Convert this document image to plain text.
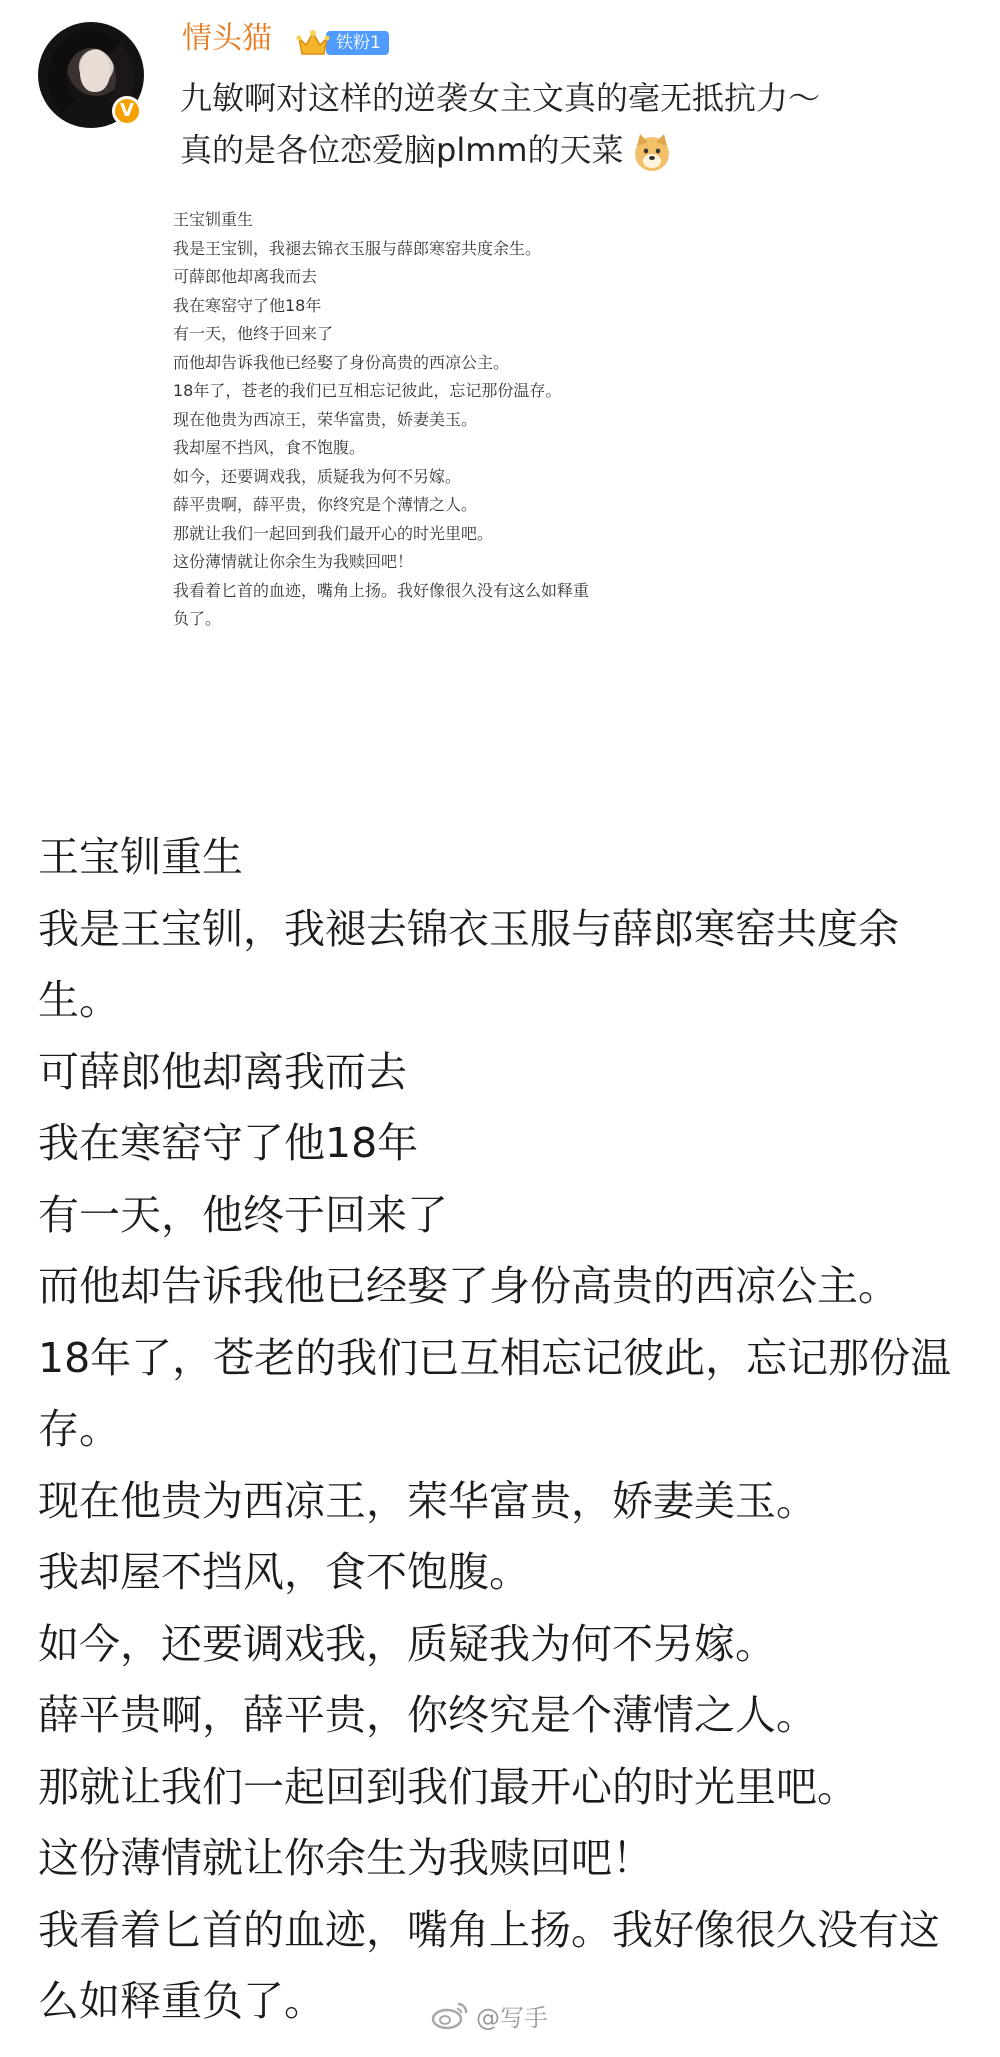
V
情头猫	铁粉1
九敏啊对这样的逆袭女主文真的毫无抵抗力～
真的是各位恋爱脑plmm的天菜

王宝钏重生

我是王宝钏，我褪去锦衣玉服与薛郎寒窑共度余生。

可薛郎他却离我而去

我在寒窑守了他18年

有一天，他终于回来了

而他却告诉我他已经娶了身份高贵的西凉公主。

18年了，苍老的我们已互相忘记彼此，忘记那份温存。

现在他贵为西凉王，荣华富贵，娇妻美玉。

我却屋不挡风，食不饱腹。

如今，还要调戏我，质疑我为何不另嫁。

薛平贵啊，薛平贵，你终究是个薄情之人。

那就让我们一起回到我们最开心的时光里吧。

这份薄情就让你余生为我赎回吧！

我看着匕首的血迹，嘴角上扬。我好像很久没有这么如释重负了。

王宝钏重生

我是王宝钏，我褪去锦衣玉服与薛郎寒窑共度余生。

可薛郎他却离我而去

我在寒窑守了他18年

有一天，他终于回来了

而他却告诉我他已经娶了身份高贵的西凉公主。

18年了，苍老的我们已互相忘记彼此，忘记那份温存。

现在他贵为西凉王，荣华富贵，娇妻美玉。

我却屋不挡风，食不饱腹。

如今，还要调戏我，质疑我为何不另嫁。

薛平贵啊，薛平贵，你终究是个薄情之人。

那就让我们一起回到我们最开心的时光里吧。

这份薄情就让你余生为我赎回吧！

我看着匕首的血迹，嘴角上扬。我好像很久没有这么如释重负了。	@写手
